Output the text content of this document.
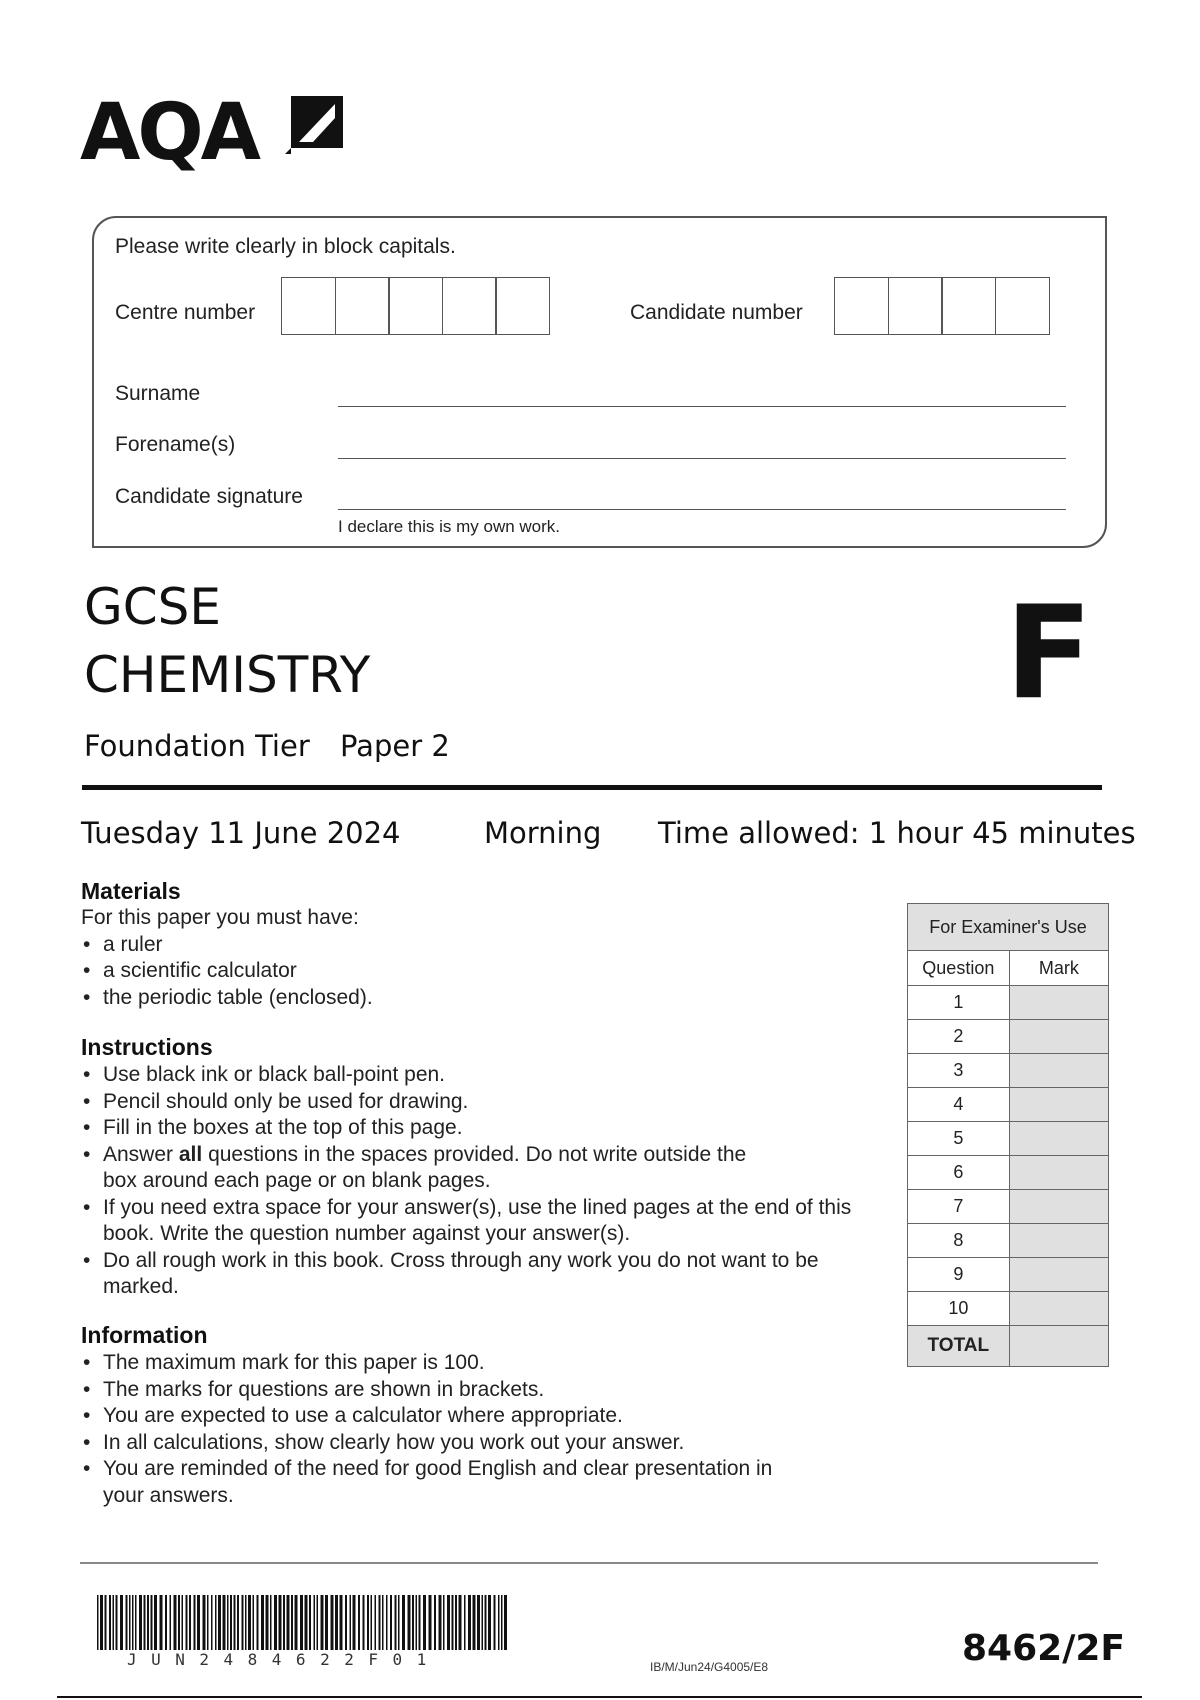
AQA
Please write clearly in block capitals.
Centre number	Candidate number
Surname
Forename(s)
Candidate signature
I declare this is my own work.
GCSE
CHEMISTRY	F
Foundation Tier Paper 2
Tuesday 11 June 2024	Morning Time allowed: 1 hour 45 minutes
Materials
For this paper you must have:
• a ruler
• a scientific calculator
• the periodic table (enclosed).
Instructions
• Use black ink or black ball-point pen.
• Pencil should only be used for drawing.
• Fill in the boxes at the top of this page.
• Answer all questions in the spaces provided. Do not write outside the box around each page or on blank pages.
• If you need extra space for your answer(s), use the lined pages at the end of this book. Write the question number against your answer(s).
• Do all rough work in this book. Cross through any work you do not want to be marked.
Information
• The maximum mark for this paper is 100.
• The marks for questions are shown in brackets.
• You are expected to use a calculator where appropriate.
• In all calculations, show clearly how you work out your answer.
• You are reminded of the need for good English and clear presentation in your answers.
For Examiner's Use	
Question	Mark
1	
2	
3	
4	
5	
6	
7	
8	
9	
10	
TOTAL	
JUN2484622F01	IB/M/Jun24/G4005/E8	8462/2F
